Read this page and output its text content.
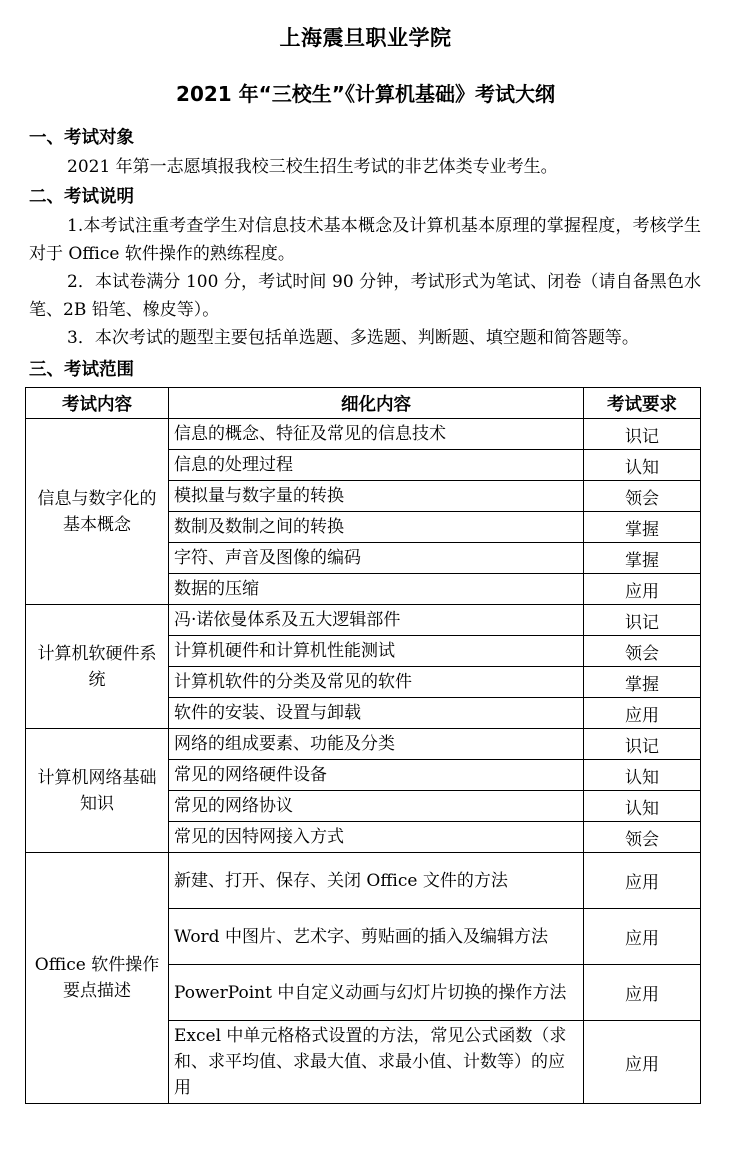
上海震旦职业学院
2021 年“三校生”《计算机基础》考试大纲
一、考试对象
2021 年第一志愿填报我校三校生招生考试的非艺体类专业考生。
二、考试说明
1.本考试注重考查学生对信息技术基本概念及计算机基本原理的掌握程度，考核学生对于 Office 软件操作的熟练程度。
2．本试卷满分 100 分，考试时间 90 分钟，考试形式为笔试、闭卷（请自备黑色水笔、2B 铅笔、橡皮等）。
3．本次考试的题型主要包括单选题、多选题、判断题、填空题和简答题等。
三、考试范围
考试内容	细化内容	考试要求
信息与数字化的基本概念	信息的概念、特征及常见的信息技术	识记
	信息的处理过程	认知
	模拟量与数字量的转换	领会
	数制及数制之间的转换	掌握
	字符、声音及图像的编码	掌握
	数据的压缩	应用
计算机软硬件系统	冯·诺依曼体系及五大逻辑部件	识记
	计算机硬件和计算机性能测试	领会
	计算机软件的分类及常见的软件	掌握
	软件的安装、设置与卸载	应用
计算机网络基础知识	网络的组成要素、功能及分类	识记
	常见的网络硬件设备	认知
	常见的网络协议	认知
	常见的因特网接入方式	领会
Office 软件操作要点描述	新建、打开、保存、关闭 Office 文件的方法	应用
	Word 中图片、艺术字、剪贴画的插入及编辑方法	应用
	PowerPoint 中自定义动画与幻灯片切换的操作方法	应用
	Excel 中单元格格式设置的方法，常见公式函数（求和、求平均值、求最大值、求最小值、计数等）的应用	应用
